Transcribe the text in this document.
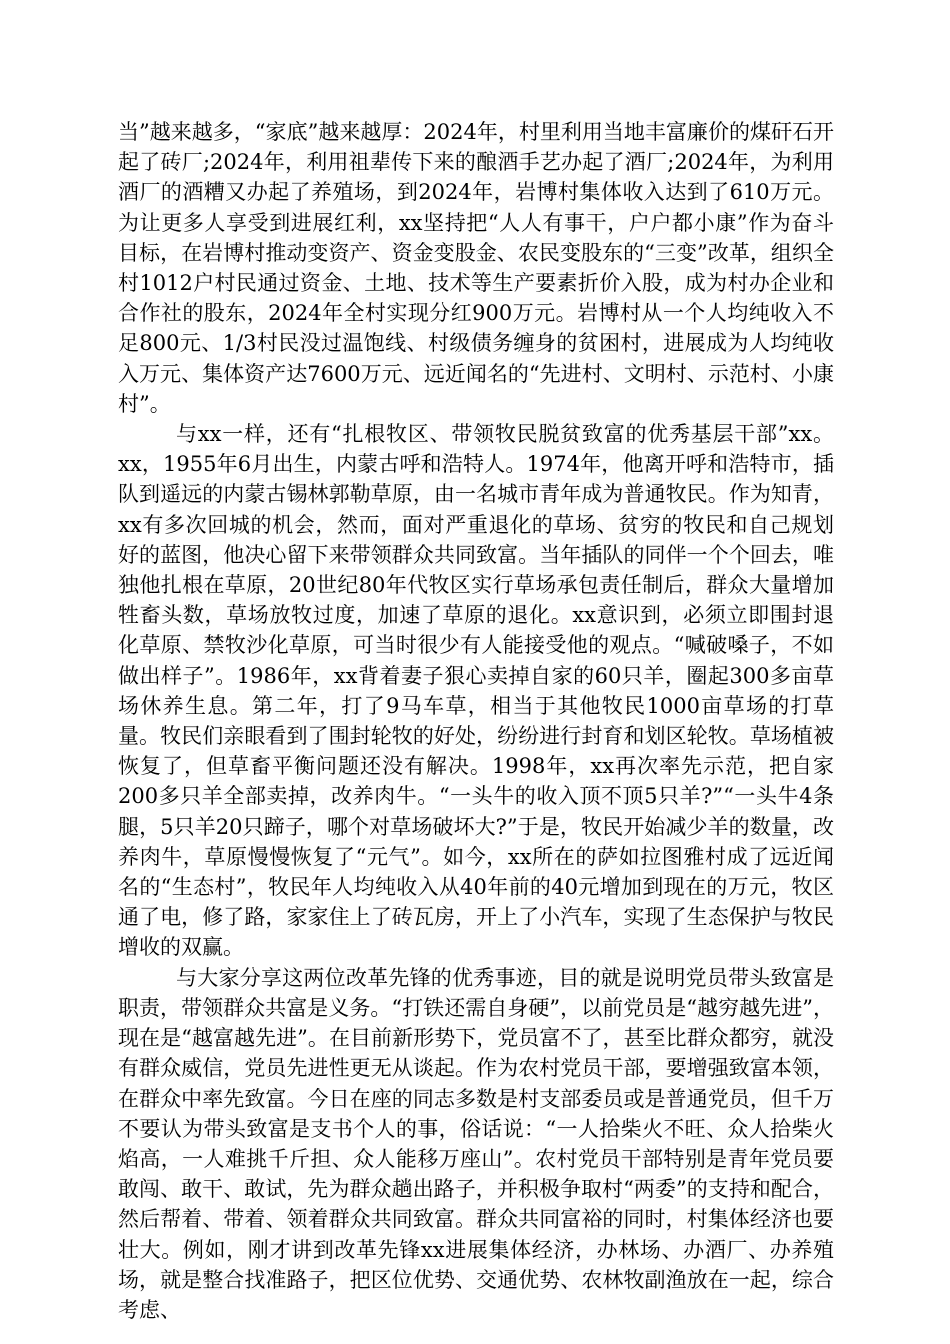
当”越来越多，“家底”越来越厚：2024年，村里利用当地丰富廉价的煤矸石开起了砖厂;2024年，利用祖辈传下来的酿酒手艺办起了酒厂;2024年，为利用酒厂的酒糟又办起了养殖场，到2024年，岩博村集体收入达到了610万元。为让更多人享受到进展红利，xx坚持把“人人有事干，户户都小康”作为奋斗目标，在岩博村推动变资产、资金变股金、农民变股东的“三变”改革，组织全村1012户村民通过资金、土地、技术等生产要素折价入股，成为村办企业和合作社的股东，2024年全村实现分红900万元。岩博村从一个人均纯收入不足800元、1/3村民没过温饱线、村级债务缠身的贫困村，进展成为人均纯收入万元、集体资产达7600万元、远近闻名的“先进村、文明村、示范村、小康村”。

与xx一样，还有“扎根牧区、带领牧民脱贫致富的优秀基层干部”xx。xx，1955年6月出生，内蒙古呼和浩特人。1974年，他离开呼和浩特市，插队到遥远的内蒙古锡林郭勒草原，由一名城市青年成为普通牧民。作为知青，xx有多次回城的机会，然而，面对严重退化的草场、贫穷的牧民和自己规划好的蓝图，他决心留下来带领群众共同致富。当年插队的同伴一个个回去，唯独他扎根在草原，20世纪80年代牧区实行草场承包责任制后，群众大量增加牲畜头数，草场放牧过度，加速了草原的退化。xx意识到，必须立即围封退化草原、禁牧沙化草原，可当时很少有人能接受他的观点。“喊破嗓子，不如做出样子”。1986年，xx背着妻子狠心卖掉自家的60只羊，圈起300多亩草场休养生息。第二年，打了9马车草，相当于其他牧民1000亩草场的打草量。牧民们亲眼看到了围封轮牧的好处，纷纷进行封育和划区轮牧。草场植被恢复了，但草畜平衡问题还没有解决。1998年，xx再次率先示范，把自家200多只羊全部卖掉，改养肉牛。“一头牛的收入顶不顶5只羊?”“一头牛4条腿，5只羊20只蹄子，哪个对草场破坏大?”于是，牧民开始减少羊的数量，改养肉牛，草原慢慢恢复了“元气”。如今，xx所在的萨如拉图雅村成了远近闻名的“生态村”，牧民年人均纯收入从40年前的40元增加到现在的万元，牧区通了电，修了路，家家住上了砖瓦房，开上了小汽车，实现了生态保护与牧民增收的双赢。

与大家分享这两位改革先锋的优秀事迹，目的就是说明党员带头致富是职责，带领群众共富是义务。“打铁还需自身硬”，以前党员是“越穷越先进”，现在是“越富越先进”。在目前新形势下，党员富不了，甚至比群众都穷，就没有群众威信，党员先进性更无从谈起。作为农村党员干部，要增强致富本领，在群众中率先致富。今日在座的同志多数是村支部委员或是普通党员，但千万不要认为带头致富是支书个人的事，俗话说：“一人拾柴火不旺、众人拾柴火焰高，一人难挑千斤担、众人能移万座山”。农村党员干部特别是青年党员要敢闯、敢干、敢试，先为群众趟出路子，并积极争取村“两委”的支持和配合，然后帮着、带着、领着群众共同致富。群众共同富裕的同时，村集体经济也要壮大。例如，刚才讲到改革先锋xx进展集体经济，办林场、办酒厂、办养殖场，就是整合找准路子，把区位优势、交通优势、农林牧副渔放在一起，综合考虑、
